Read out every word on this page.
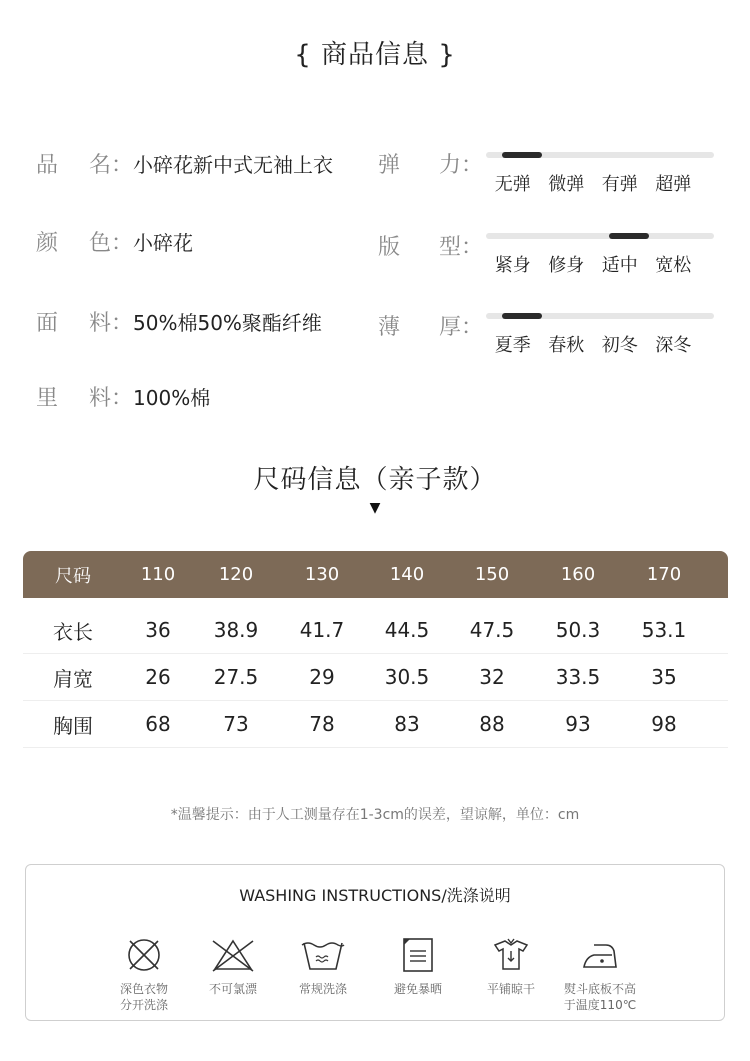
{ 商品信息 }
品 名 ： 小碎花新中式无袖上衣
颜 色 ： 小碎花
面 料 ： 50%棉50%聚酯纤维
里 料 ： 100%棉
弹 力 ：
无弹 微弹 有弹 超弹
版 型 ：
紧身 修身 适中 宽松
薄 厚 ：
夏季 春秋 初冬 深冬
尺码信息（亲子款）
▼
尺码	110	120	130	140	150	160	170
衣长	36	38.9	41.7	44.5	47.5	50.3	53.1
肩宽	26	27.5	29	30.5	32	33.5	35
胸围	68	73	78	83	88	93	98
*温馨提示：由于人工测量存在1-3cm的误差，望谅解，单位：cm
WASHING INSTRUCTIONS/洗涤说明
深色衣物
分开洗涤
不可氯漂	常规洗涤	避免暴晒	平铺晾干	熨斗底板不高
于温度110℃
